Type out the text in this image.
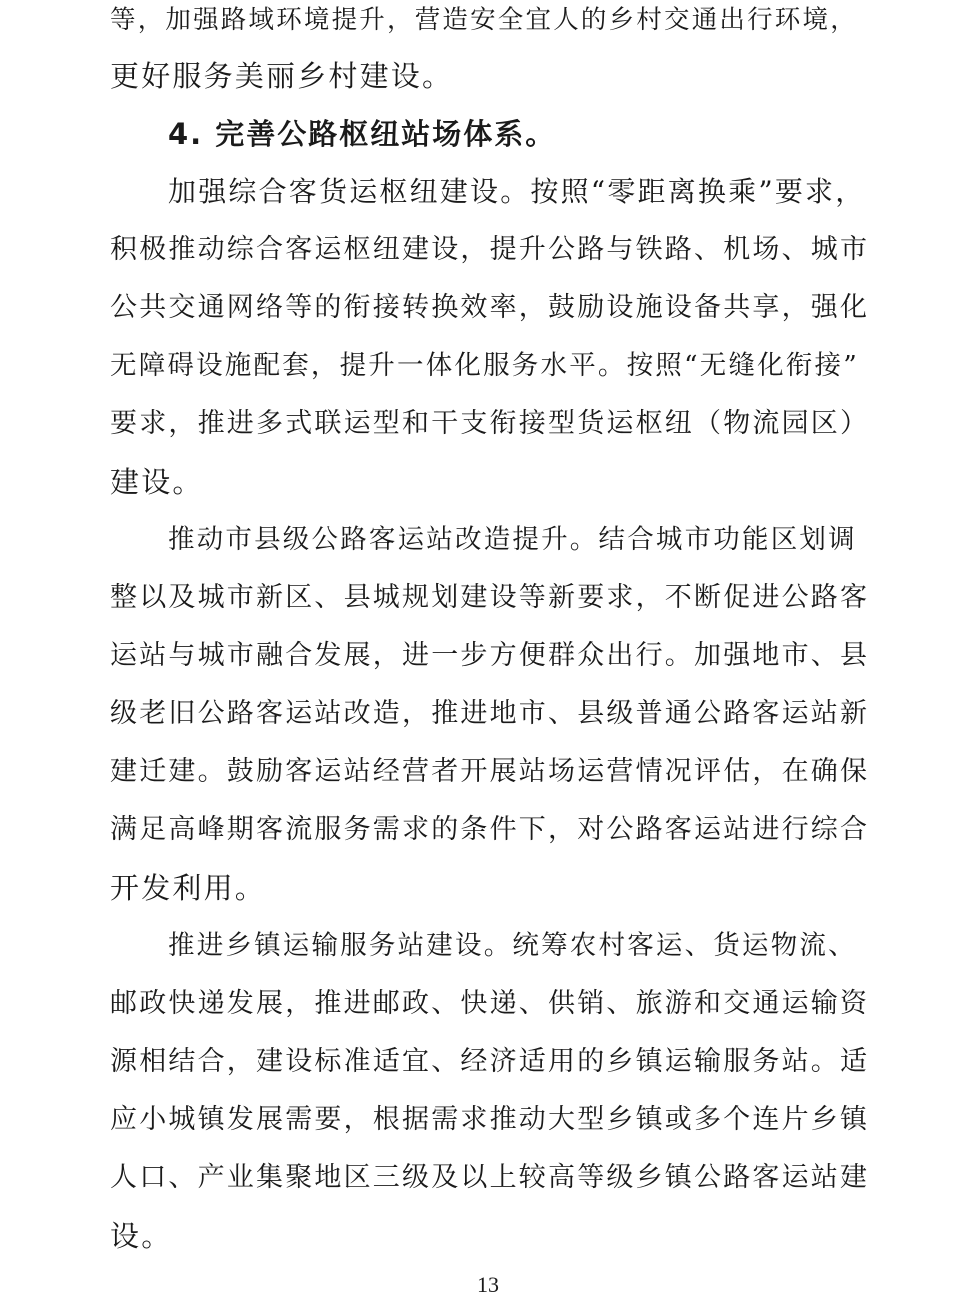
等，加强路域环境提升，营造安全宜人的乡村交通出行环境，
更好服务美丽乡村建设。
4. 完善公路枢纽站场体系。
加强综合客货运枢纽建设。按照“零距离换乘”要求，
积极推动综合客运枢纽建设，提升公路与铁路、机场、城市
公共交通网络等的衔接转换效率，鼓励设施设备共享，强化
无障碍设施配套，提升一体化服务水平。按照“无缝化衔接”
要求，推进多式联运型和干支衔接型货运枢纽（物流园区）
建设。
推动市县级公路客运站改造提升。结合城市功能区划调
整以及城市新区、县城规划建设等新要求，不断促进公路客
运站与城市融合发展，进一步方便群众出行。加强地市、县
级老旧公路客运站改造，推进地市、县级普通公路客运站新
建迁建。鼓励客运站经营者开展站场运营情况评估，在确保
满足高峰期客流服务需求的条件下，对公路客运站进行综合
开发利用。
推进乡镇运输服务站建设。统筹农村客运、货运物流、
邮政快递发展，推进邮政、快递、供销、旅游和交通运输资
源相结合，建设标准适宜、经济适用的乡镇运输服务站。适
应小城镇发展需要，根据需求推动大型乡镇或多个连片乡镇
人口、产业集聚地区三级及以上较高等级乡镇公路客运站建
设。
13
